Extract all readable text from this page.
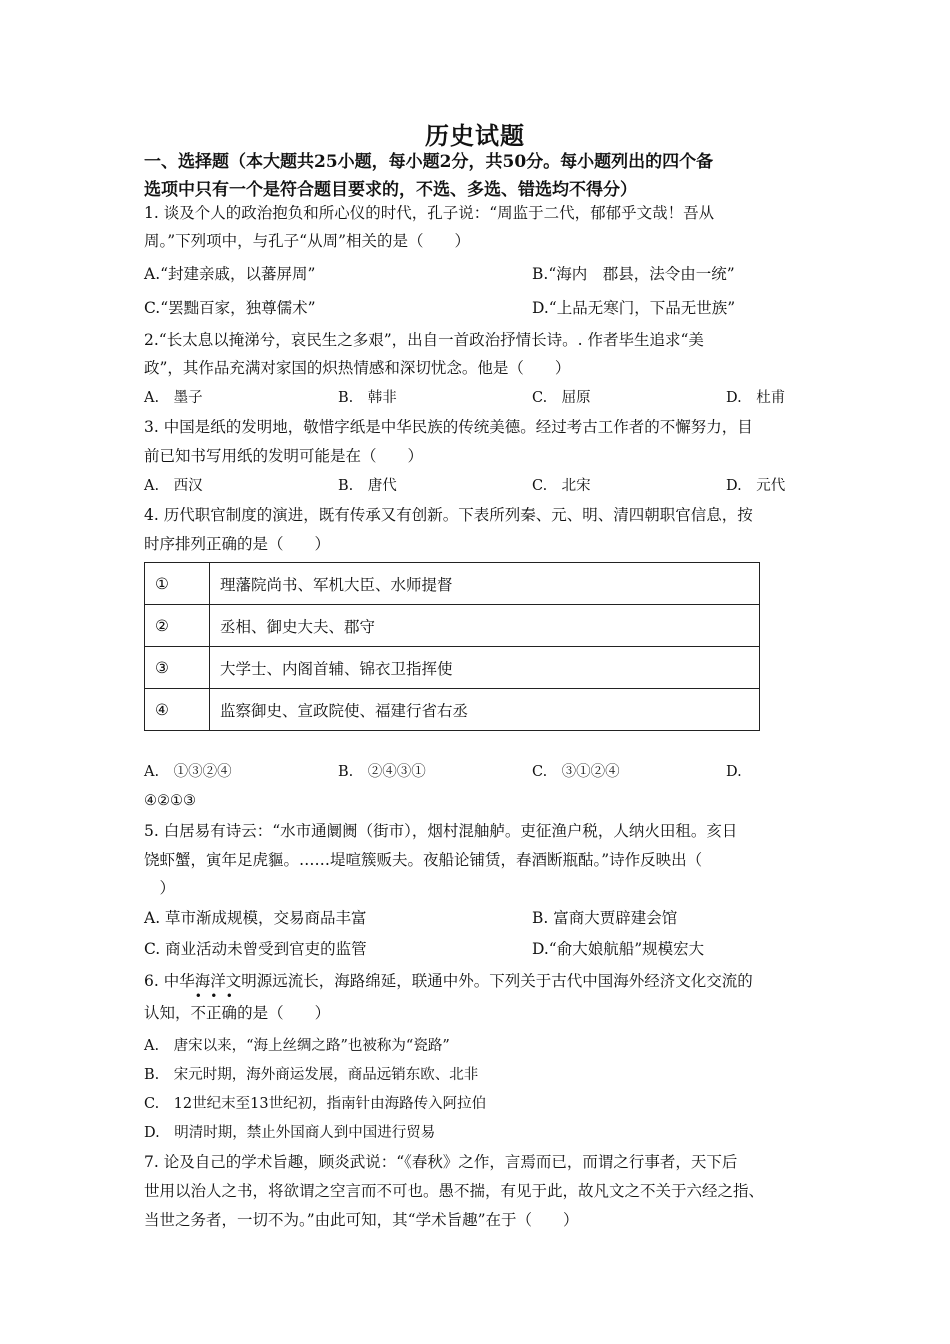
历史试题
一、选择题（本大题共25小题，每小题2分，共50分。每小题列出的四个备
选项中只有一个是符合题目要求的，不选、多选、错选均不得分）
1. 谈及个人的政治抱负和所心仪的时代，孔子说：“周监于二代，郁郁乎文哉！吾从
周。”下列项中，与孔子“从周”相关的是（　　）
A.“封建亲戚，以蕃屏周”	B.“海内　郡县，法令由一统”
C.“罢黜百家，独尊儒术”	D.“上品无寒门，下品无世族”
2.“长太息以掩涕兮，哀民生之多艰”，出自一首政治抒情长诗。. 作者毕生追求“美
政”，其作品充满对家国的炽热情感和深切忧念。他是（　　）
A.　墨子	B.　韩非	C.　屈原	D.　杜甫
3. 中国是纸的发明地，敬惜字纸是中华民族的传统美德。经过考古工作者的不懈努力，目
前已知书写用纸的发明可能是在（　　）
A.　西汉	B.　唐代	C.　北宋	D.　元代
4. 历代职官制度的演进，既有传承又有创新。下表所列秦、元、明、清四朝职官信息，按
时序排列正确的是（　　）
①	理藩院尚书、军机大臣、水师提督
②	丞相、御史大夫、郡守
③	大学士、内阁首辅、锦衣卫指挥使
④	监察御史、宣政院使、福建行省右丞
A.　①③②④	B.　②④③①	C.　③①②④	D.
④②①③
5. 白居易有诗云：“水市通阛阓（街市），烟村混舳舻。吏征渔户税，人纳火田租。亥日
饶虾蟹，寅年足虎貙。……堤喧簇贩夫。夜船论铺赁，春酒断瓶酤。”诗作反映出（
　）
A. 草市渐成规模，交易商品丰富	B. 富商大贾辟建会馆
C. 商业活动未曾受到官吏的监管	D.“俞大娘航船”规模宏大
6. 中华海洋文明源远流长，海路绵延，联通中外。下列关于古代中国海外经济文化交流的
认知，
•
不
•
正
•
确的是（　　）
A.　唐宋以来，“海上丝绸之路”也被称为“瓷路”
B.　宋元时期，海外商运发展，商品远销东欧、北非
C.　12世纪末至13世纪初，指南针由海路传入阿拉伯
D.　明清时期，禁止外国商人到中国进行贸易
7. 论及自己的学术旨趣，顾炎武说：“《春秋》之作，言焉而已，而谓之行事者，天下后
世用以治人之书，将欲谓之空言而不可也。愚不揣，有见于此，故凡文之不关于六经之指、
当世之务者，一切不为。”由此可知，其“学术旨趣”在于（　　）
